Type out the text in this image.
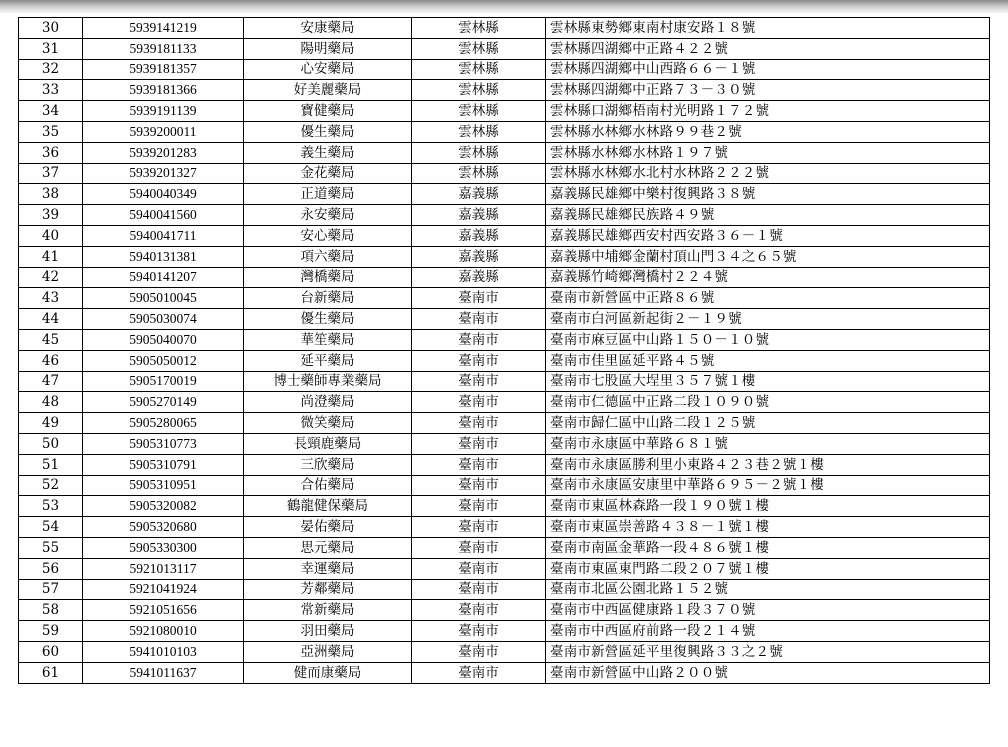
30	5939141219	安康藥局	雲林縣	雲林縣東勢鄉東南村康安路１８號
31	5939181133	陽明藥局	雲林縣	雲林縣四湖鄉中正路４２２號
32	5939181357	心安藥局	雲林縣	雲林縣四湖鄉中山西路６６－１號
33	5939181366	好美麗藥局	雲林縣	雲林縣四湖鄉中正路７３－３０號
34	5939191139	寶健藥局	雲林縣	雲林縣口湖鄉梧南村光明路１７２號
35	5939200011	優生藥局	雲林縣	雲林縣水林鄉水林路９９巷２號
36	5939201283	義生藥局	雲林縣	雲林縣水林鄉水林路１９７號
37	5939201327	金花藥局	雲林縣	雲林縣水林鄉水北村水林路２２２號
38	5940040349	正道藥局	嘉義縣	嘉義縣民雄鄉中樂村復興路３８號
39	5940041560	永安藥局	嘉義縣	嘉義縣民雄鄉民族路４９號
40	5940041711	安心藥局	嘉義縣	嘉義縣民雄鄉西安村西安路３６－１號
41	5940131381	項六藥局	嘉義縣	嘉義縣中埔鄉金蘭村頂山門３４之６５號
42	5940141207	灣橋藥局	嘉義縣	嘉義縣竹崎鄉灣橋村２２４號
43	5905010045	台新藥局	臺南市	臺南市新營區中正路８６號
44	5905030074	優生藥局	臺南市	臺南市白河區新起街２－１９號
45	5905040070	華笙藥局	臺南市	臺南市麻豆區中山路１５０－１０號
46	5905050012	延平藥局	臺南市	臺南市佳里區延平路４５號
47	5905170019	博士藥師專業藥局	臺南市	臺南市七股區大埕里３５７號１樓
48	5905270149	尚澄藥局	臺南市	臺南市仁德區中正路二段１０９０號
49	5905280065	微笑藥局	臺南市	臺南市歸仁區中山路二段１２５號
50	5905310773	長頸鹿藥局	臺南市	臺南市永康區中華路６８１號
51	5905310791	三欣藥局	臺南市	臺南市永康區勝利里小東路４２３巷２號１樓
52	5905310951	合佑藥局	臺南市	臺南市永康區安康里中華路６９５－２號１樓
53	5905320082	鶴龍健保藥局	臺南市	臺南市東區林森路一段１９０號１樓
54	5905320680	晏佑藥局	臺南市	臺南市東區崇善路４３８－１號１樓
55	5905330300	思元藥局	臺南市	臺南市南區金華路一段４８６號１樓
56	5921013117	幸運藥局	臺南市	臺南市東區東門路二段２０７號１樓
57	5921041924	芳鄰藥局	臺南市	臺南市北區公園北路１５２號
58	5921051656	常新藥局	臺南市	臺南市中西區健康路１段３７０號
59	5921080010	羽田藥局	臺南市	臺南市中西區府前路一段２１４號
60	5941010103	亞洲藥局	臺南市	臺南市新營區延平里復興路３３之２號
61	5941011637	健而康藥局	臺南市	臺南市新營區中山路２００號
